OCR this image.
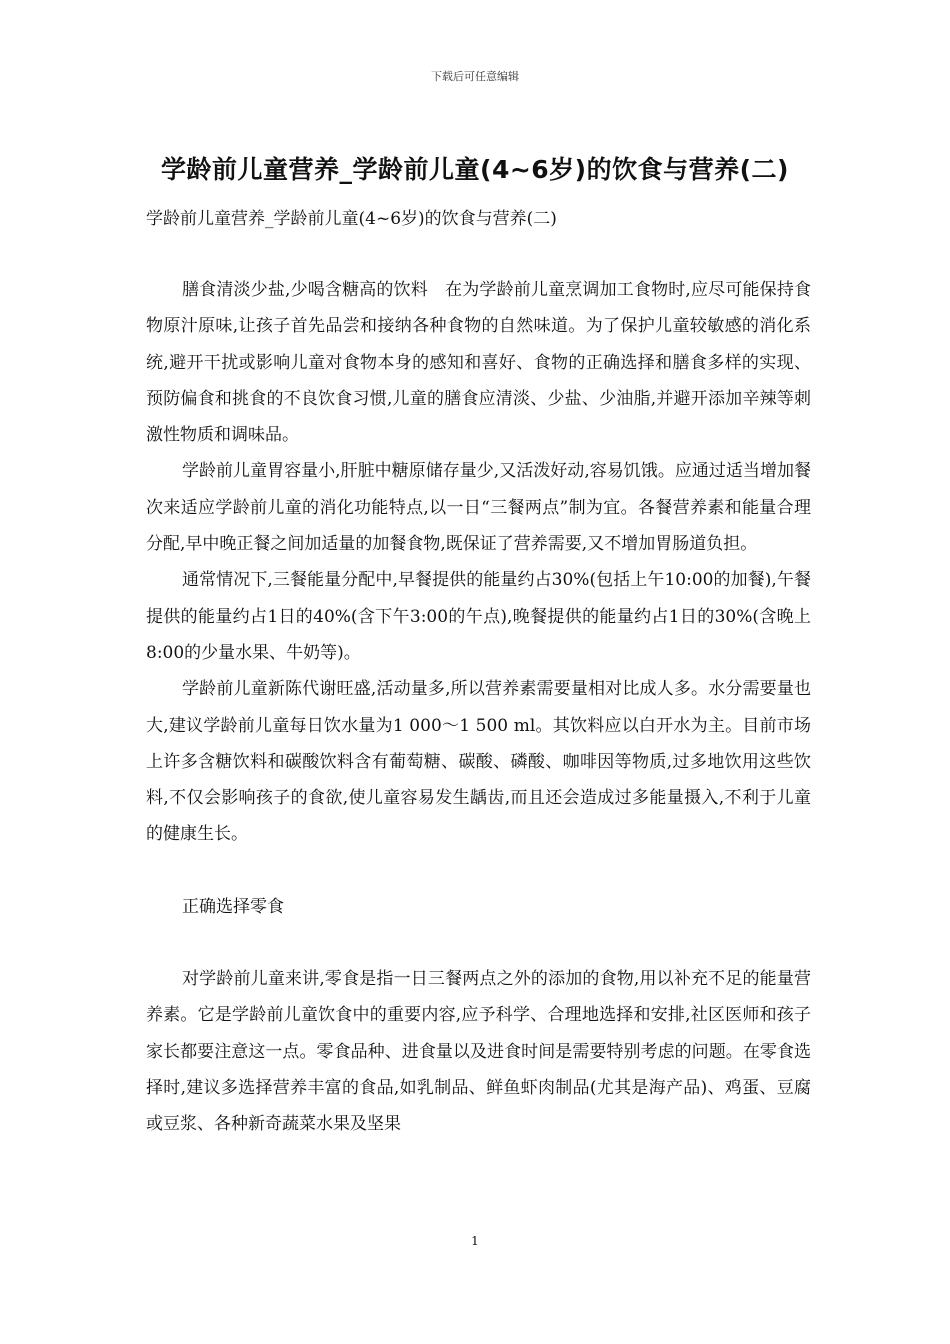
下载后可任意编辑
学龄前儿童营养_学龄前儿童(4~6岁)的饮食与营养(二)

学龄前儿童营养_学龄前儿童(4~6岁)的饮食与营养(二)

膳食清淡少盐,少喝含糖高的饮料　在为学龄前儿童烹调加工食物时,应尽可能保持食物原汁原味,让孩子首先品尝和接纳各种食物的自然味道。为了保护儿童较敏感的消化系统,避开干扰或影响儿童对食物本身的感知和喜好、食物的正确选择和膳食多样的实现、预防偏食和挑食的不良饮食习惯,儿童的膳食应清淡、少盐、少油脂,并避开添加辛辣等刺激性物质和调味品。

学龄前儿童胃容量小,肝脏中糖原储存量少,又活泼好动,容易饥饿。应通过适当增加餐次来适应学龄前儿童的消化功能特点,以一日“三餐两点”制为宜。各餐营养素和能量合理分配,早中晚正餐之间加适量的加餐食物,既保证了营养需要,又不增加胃肠道负担。

通常情况下,三餐能量分配中,早餐提供的能量约占30%(包括上午10:00的加餐),午餐提供的能量约占1日的40%(含下午3:00的午点),晚餐提供的能量约占1日的30%(含晚上8:00的少量水果、牛奶等)。

学龄前儿童新陈代谢旺盛,活动量多,所以营养素需要量相对比成人多。水分需要量也大,建议学龄前儿童每日饮水量为1 000～1 500 ml。其饮料应以白开水为主。目前市场上许多含糖饮料和碳酸饮料含有葡萄糖、碳酸、磷酸、咖啡因等物质,过多地饮用这些饮料,不仅会影响孩子的食欲,使儿童容易发生龋齿,而且还会造成过多能量摄入,不利于儿童的健康生长。

正确选择零食

对学龄前儿童来讲,零食是指一日三餐两点之外的添加的食物,用以补充不足的能量营养素。它是学龄前儿童饮食中的重要内容,应予科学、合理地选择和安排,社区医师和孩子家长都要注意这一点。零食品种、进食量以及进食时间是需要特别考虑的问题。在零食选择时,建议多选择营养丰富的食品,如乳制品、鲜鱼虾肉制品(尤其是海产品)、鸡蛋、豆腐或豆浆、各种新奇蔬菜水果及坚果

1
